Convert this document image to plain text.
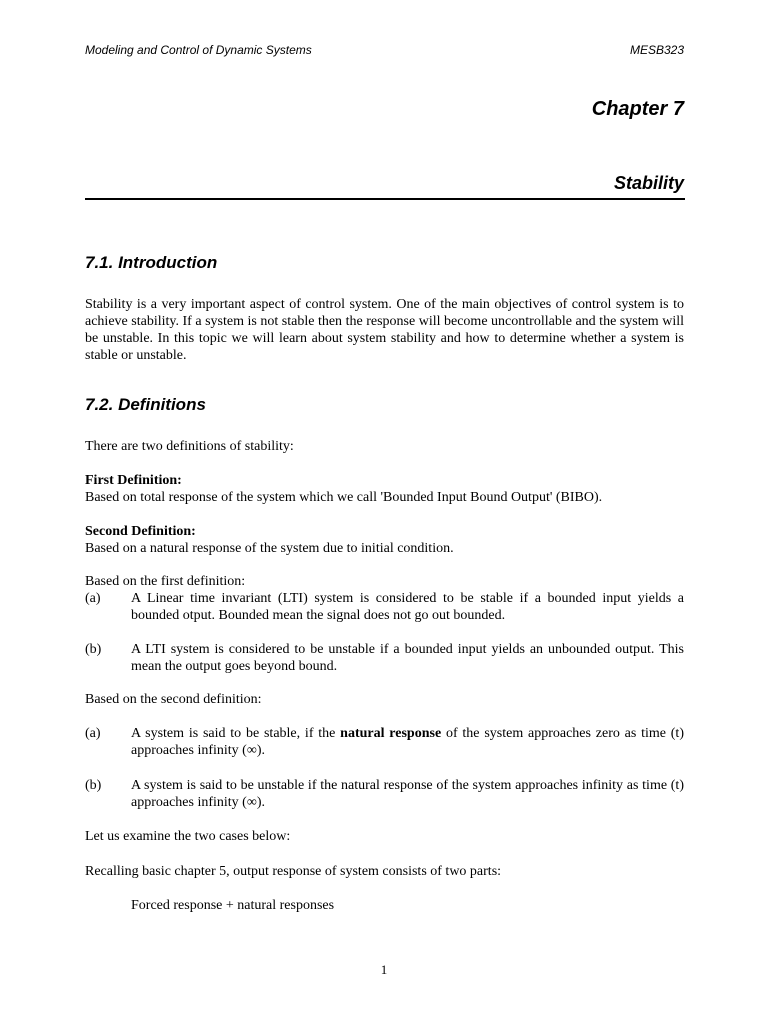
Modeling and Control of Dynamic Systems	MESB323
Chapter 7
Stability
7.1. Introduction
Stability is a very important aspect of control system. One of the main objectives of control system is to achieve stability. If a system is not stable then the response will become uncontrollable and the system will be unstable. In this topic we will learn about system stability and how to determine whether a system is stable or unstable.
7.2. Definitions
There are two definitions of stability:
First Definition:
Based on total response of the system which we call 'Bounded Input Bound Output' (BIBO).
Second Definition:
Based on a natural response of the system due to initial condition.
Based on the first definition:
(a) A Linear time invariant (LTI) system is considered to be stable if a bounded input yields a bounded otput. Bounded mean the signal does not go out bounded.
(b) A LTI system is considered to be unstable if a bounded input yields an unbounded output. This mean the output goes beyond bound.
Based on the second definition:
(a) A system is said to be stable, if the natural response of the system approaches zero as time (t) approaches infinity (∞).
(b) A system is said to be unstable if the natural response of the system approaches infinity as time (t) approaches infinity (∞).
Let us examine the two cases below:
Recalling basic chapter 5, output response of system consists of two parts:
Forced response + natural responses
1
